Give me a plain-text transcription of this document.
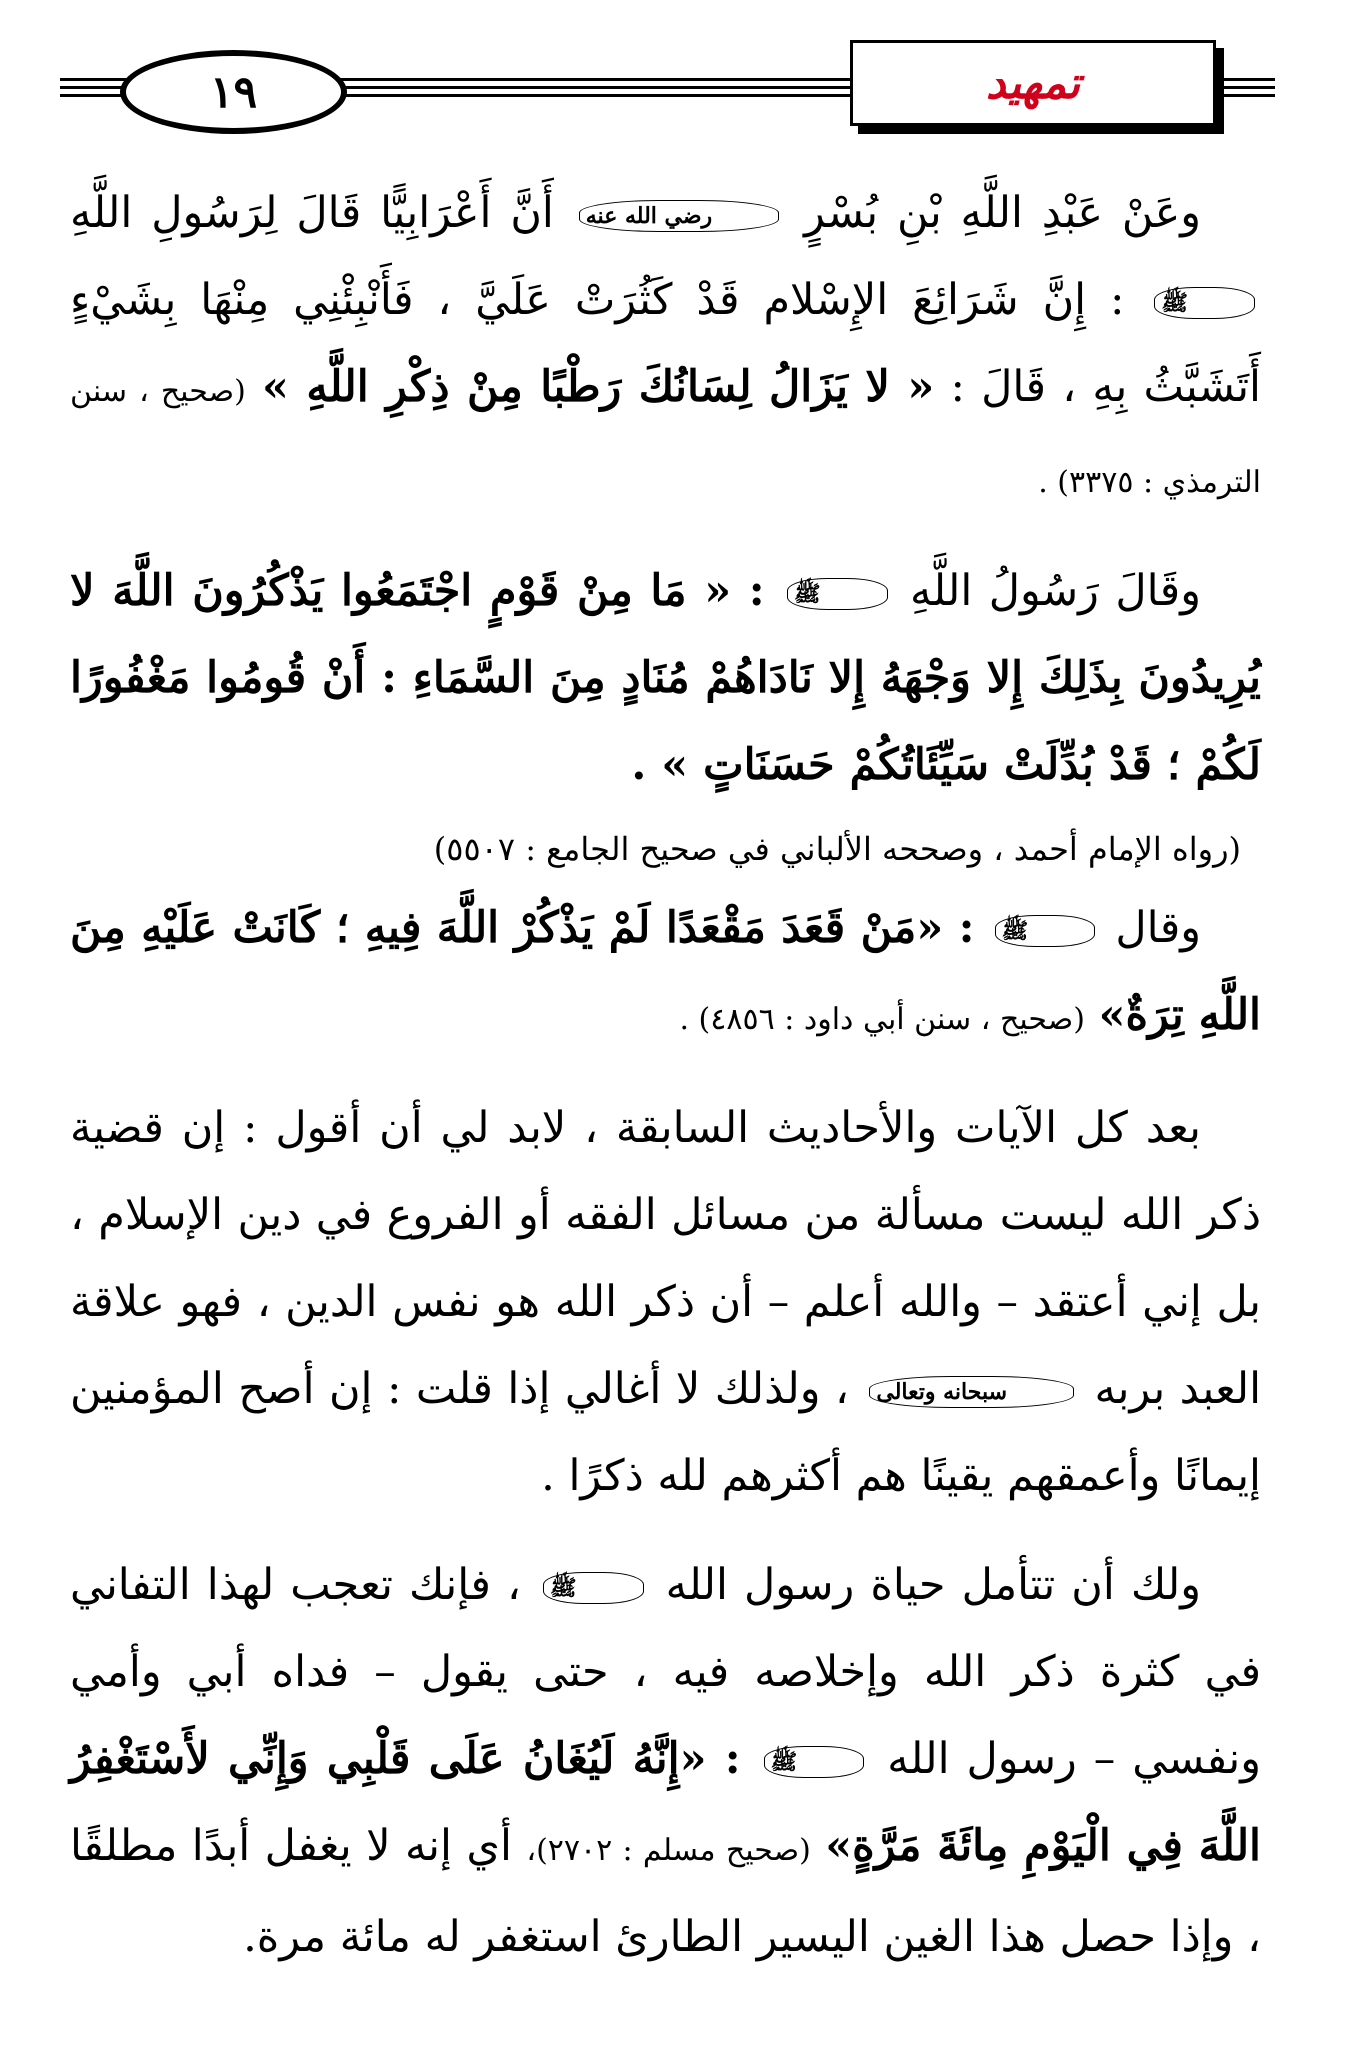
١٩	تمهيد

وعَنْ عَبْدِ اللَّهِ بْنِ بُسْرٍ رضي الله عنه أَنَّ أَعْرَابِيًّا قَالَ لِرَسُولِ اللَّهِ ﷺ : إِنَّ شَرَائِعَ الإِسْلام قَدْ كَثُرَتْ عَلَيَّ ، فَأَنْبِئْنِي مِنْهَا بِشَيْءٍ أَتَشَبَّثُ بِهِ ، قَالَ : « لا يَزَالُ لِسَانُكَ رَطْبًا مِنْ ذِكْرِ اللَّهِ » (صحيح ، سنن الترمذي : ٣٣٧٥) .

وقَالَ رَسُولُ اللَّهِ ﷺ : « مَا مِنْ قَوْمٍ اجْتَمَعُوا يَذْكُرُونَ اللَّهَ لا يُرِيدُونَ بِذَلِكَ إِلا وَجْهَهُ إِلا نَادَاهُمْ مُنَادٍ مِنَ السَّمَاءِ : أَنْ قُومُوا مَغْفُورًا لَكُمْ ؛ قَدْ بُدِّلَتْ سَيِّئَاتُكُمْ حَسَنَاتٍ » .

(رواه الإمام أحمد ، وصححه الألباني في صحيح الجامع : ٥٥٠٧)

وقال ﷺ : «مَنْ قَعَدَ مَقْعَدًا لَمْ يَذْكُرْ اللَّهَ فِيهِ ؛ كَانَتْ عَلَيْهِ مِنَ اللَّهِ تِرَةٌ» (صحيح ، سنن أبي داود : ٤٨٥٦) .

بعد كل الآيات والأحاديث السابقة ، لابد لي أن أقول : إن قضية ذكر الله ليست مسألة من مسائل الفقه أو الفروع في دين الإسلام ، بل إني أعتقد – والله أعلم – أن ذكر الله هو نفس الدين ، فهو علاقة العبد بربه سبحانه وتعالى ، ولذلك لا أغالي إذا قلت : إن أصح المؤمنين إيمانًا وأعمقهم يقينًا هم أكثرهم لله ذكرًا .

ولك أن تتأمل حياة رسول الله ﷺ ، فإنك تعجب لهذا التفاني في كثرة ذكر الله وإخلاصه فيه ، حتى يقول – فداه أبي وأمي ونفسي – رسول الله ﷺ : «إِنَّهُ لَيُغَانُ عَلَى قَلْبِي وَإِنِّي لأَسْتَغْفِرُ اللَّهَ فِي الْيَوْمِ مِائَةَ مَرَّةٍ» (صحيح مسلم : ٢٧٠٢)، أي إنه لا يغفل أبدًا مطلقًا ، وإذا حصل هذا الغين اليسير الطارئ استغفر له مائة مرة.
